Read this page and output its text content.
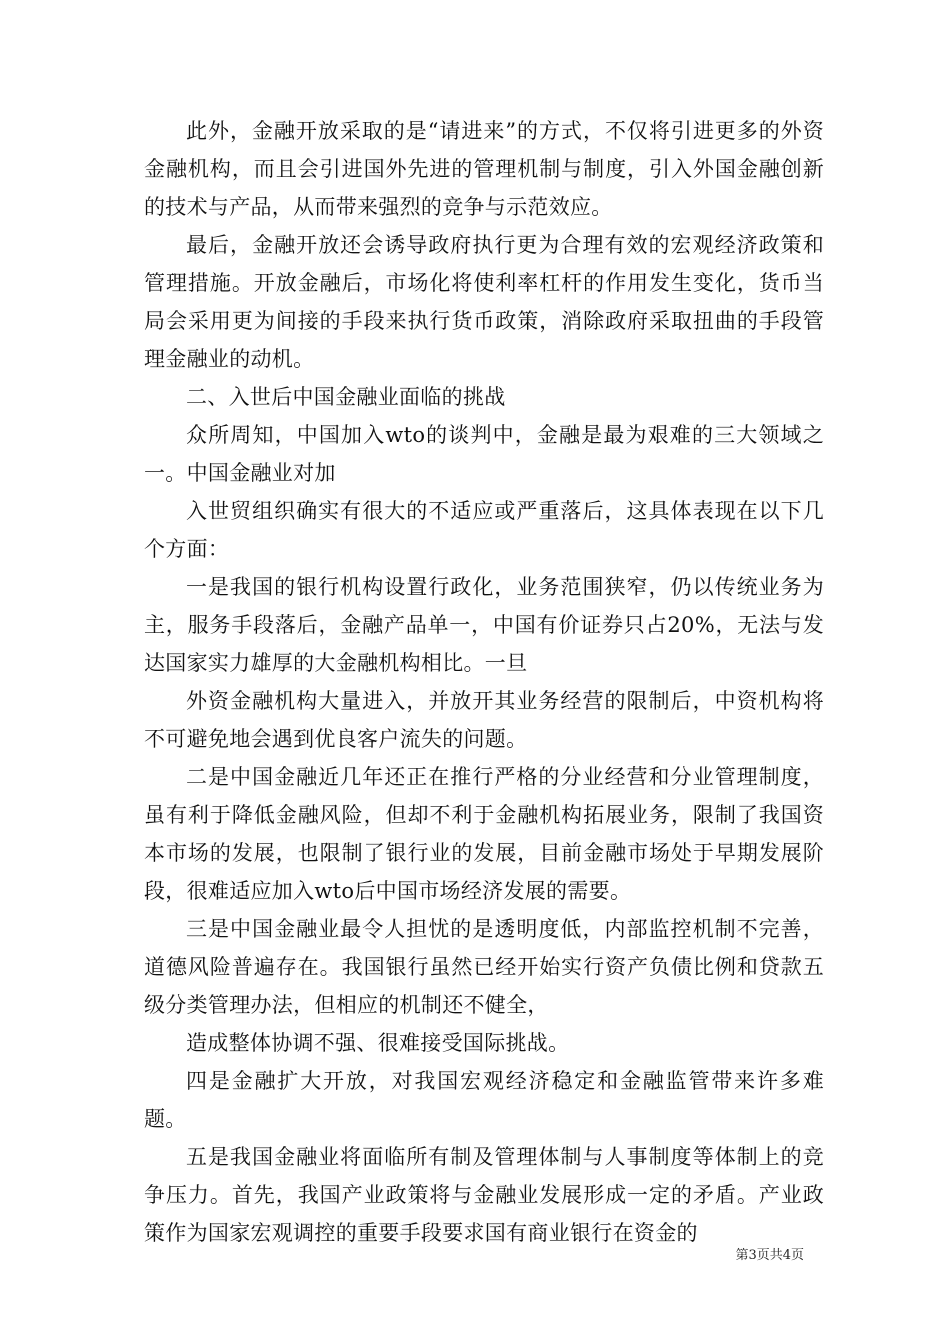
此外，金融开放采取的是“请进来”的方式，不仅将引进更多的外资金融机构，而且会引进国外先进的管理机制与制度，引入外国金融创新的技术与产品，从而带来强烈的竞争与示范效应。

最后，金融开放还会诱导政府执行更为合理有效的宏观经济政策和管理措施。开放金融后，市场化将使利率杠杆的作用发生变化，货币当局会采用更为间接的手段来执行货币政策，消除政府采取扭曲的手段管理金融业的动机。

二、入世后中国金融业面临的挑战

众所周知，中国加入wto的谈判中，金融是最为艰难的三大领域之一。中国金融业对加

入世贸组织确实有很大的不适应或严重落后，这具体表现在以下几个方面：

一是我国的银行机构设置行政化，业务范围狭窄，仍以传统业务为主，服务手段落后，金融产品单一，中国有价证券只占20%，无法与发达国家实力雄厚的大金融机构相比。一旦

外资金融机构大量进入，并放开其业务经营的限制后，中资机构将不可避免地会遇到优良客户流失的问题。

二是中国金融近几年还正在推行严格的分业经营和分业管理制度，虽有利于降低金融风险，但却不利于金融机构拓展业务，限制了我国资本市场的发展，也限制了银行业的发展，目前金融市场处于早期发展阶段，很难适应加入wto后中国市场经济发展的需要。

三是中国金融业最令人担忧的是透明度低，内部监控机制不完善，道德风险普遍存在。我国银行虽然已经开始实行资产负债比例和贷款五级分类管理办法，但相应的机制还不健全，

造成整体协调不强、很难接受国际挑战。

四是金融扩大开放，对我国宏观经济稳定和金融监管带来许多难题。

五是我国金融业将面临所有制及管理体制与人事制度等体制上的竞争压力。首先，我国产业政策将与金融业发展形成一定的矛盾。产业政策作为国家宏观调控的重要手段要求国有商业银行在资金的

第3页共4页
